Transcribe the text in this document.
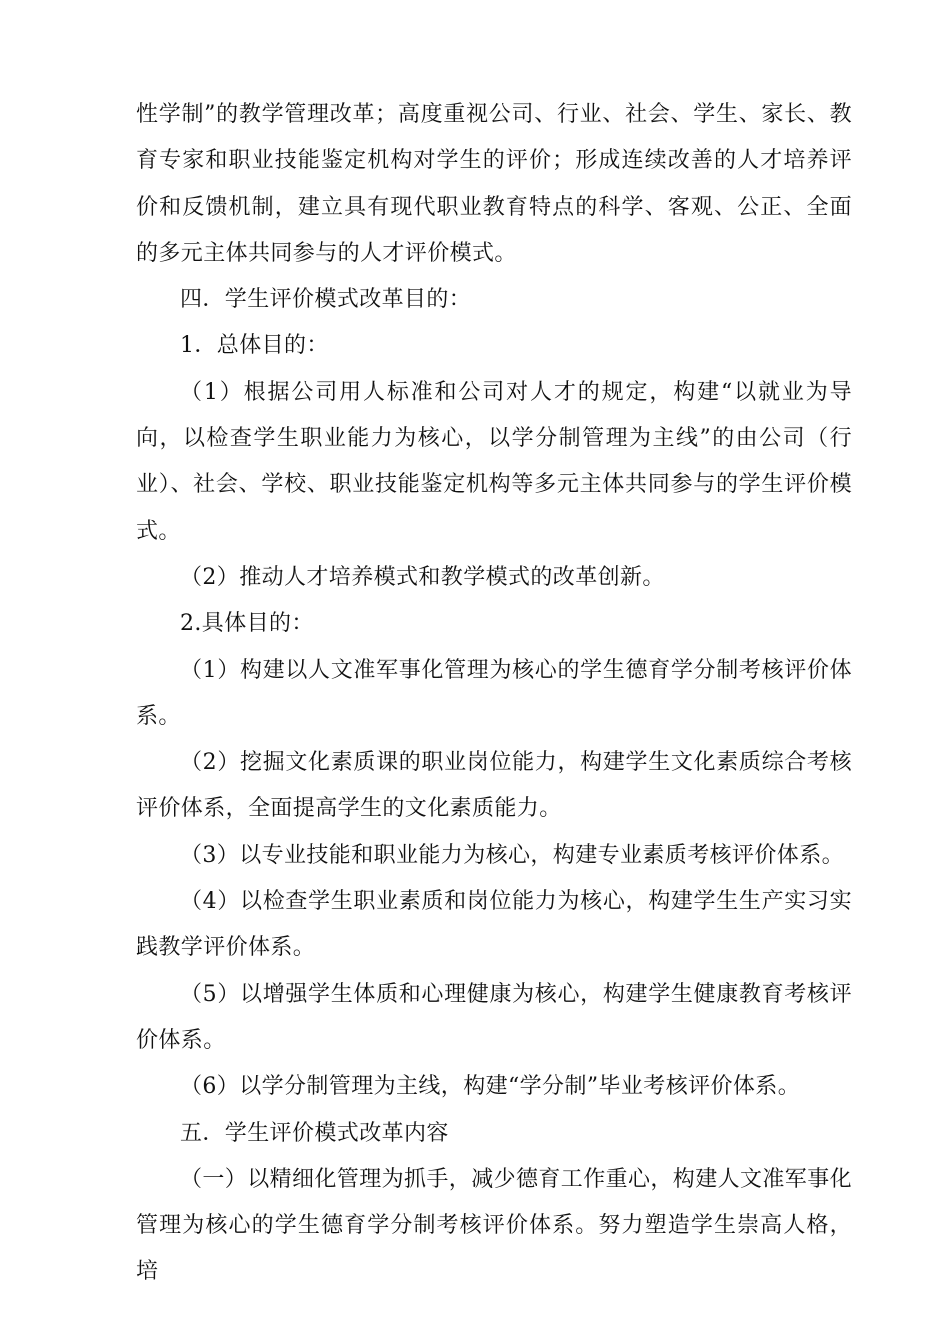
性学制”的教学管理改革；高度重视公司、行业、社会、学生、家长、教育专家和职业技能鉴定机构对学生的评价；形成连续改善的人才培养评价和反馈机制，建立具有现代职业教育特点的科学、客观、公正、全面的多元主体共同参与的人才评价模式。

四．学生评价模式改革目的：

1．总体目的：

（1）根据公司用人标准和公司对人才的规定，构建“以就业为导向，以检查学生职业能力为核心，以学分制管理为主线”的由公司（行业）、社会、学校、职业技能鉴定机构等多元主体共同参与的学生评价模式。

（2）推动人才培养模式和教学模式的改革创新。

2.具体目的：

（1）构建以人文准军事化管理为核心的学生德育学分制考核评价体系。

（2）挖掘文化素质课的职业岗位能力，构建学生文化素质综合考核评价体系，全面提高学生的文化素质能力。

（3）以专业技能和职业能力为核心，构建专业素质考核评价体系。

（4）以检查学生职业素质和岗位能力为核心，构建学生生产实习实践教学评价体系。

（5）以增强学生体质和心理健康为核心，构建学生健康教育考核评价体系。

（6）以学分制管理为主线，构建“学分制”毕业考核评价体系。

五．学生评价模式改革内容

（一）以精细化管理为抓手，减少德育工作重心，构建人文准军事化管理为核心的学生德育学分制考核评价体系。努力塑造学生崇高人格，培
